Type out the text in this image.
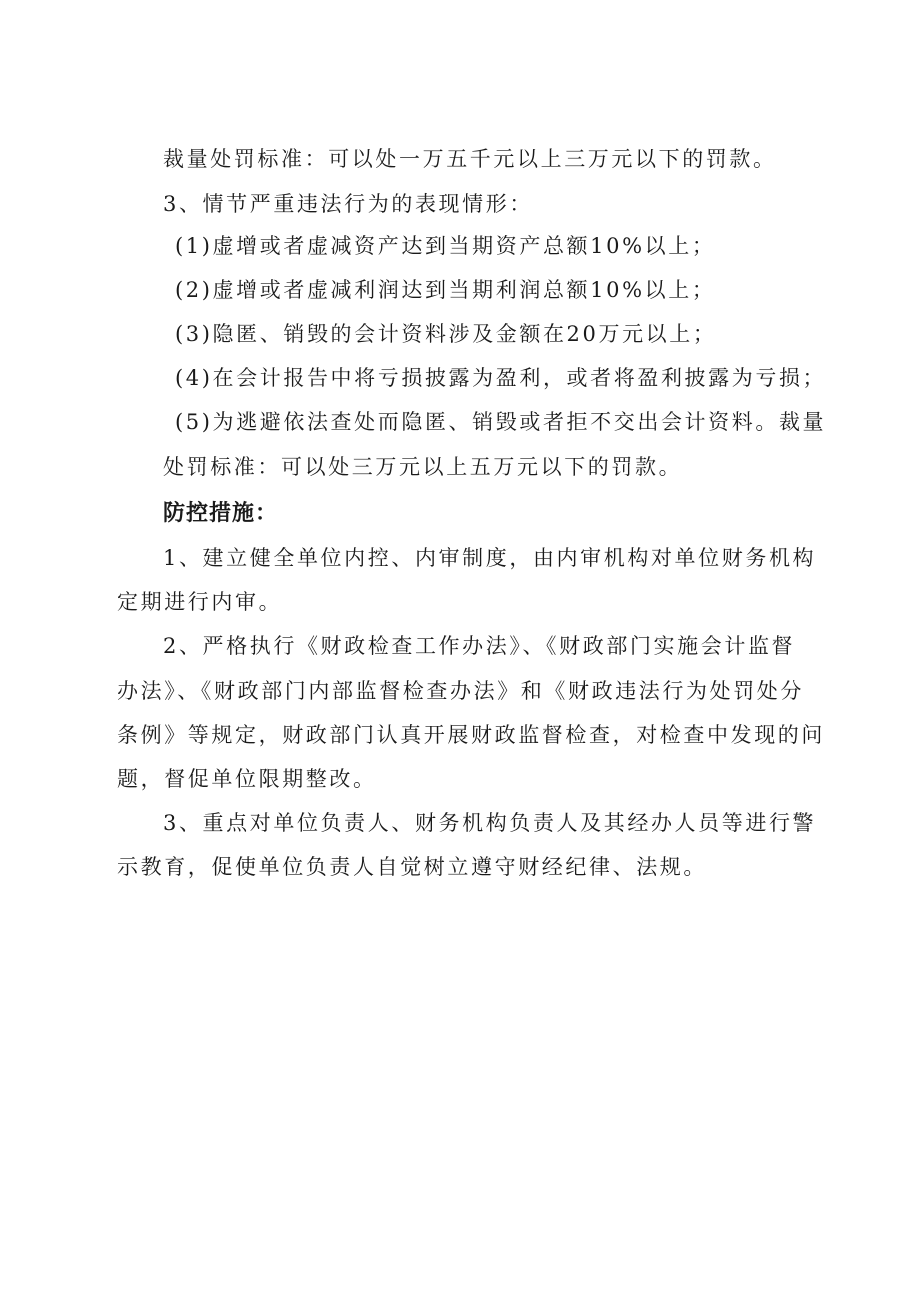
裁量处罚标准：可以处一万五千元以上三万元以下的罚款。
3、情节严重违法行为的表现情形：
(1)虚增或者虚减资产达到当期资产总额10%以上；
(2)虚增或者虚减利润达到当期利润总额10%以上；
(3)隐匿、销毁的会计资料涉及金额在20万元以上；
(4)在会计报告中将亏损披露为盈利，或者将盈利披露为亏损；
(5)为逃避依法查处而隐匿、销毁或者拒不交出会计资料。裁量
处罚标准：可以处三万元以上五万元以下的罚款。
防控措施：
1、建立健全单位内控、内审制度，由内审机构对单位财务机构
定期进行内审。
2、严格执行《财政检查工作办法》、《财政部门实施会计监督
办法》、《财政部门内部监督检查办法》和《财政违法行为处罚处分
条例》等规定，财政部门认真开展财政监督检查，对检查中发现的问
题，督促单位限期整改。
3、重点对单位负责人、财务机构负责人及其经办人员等进行警
示教育，促使单位负责人自觉树立遵守财经纪律、法规。
